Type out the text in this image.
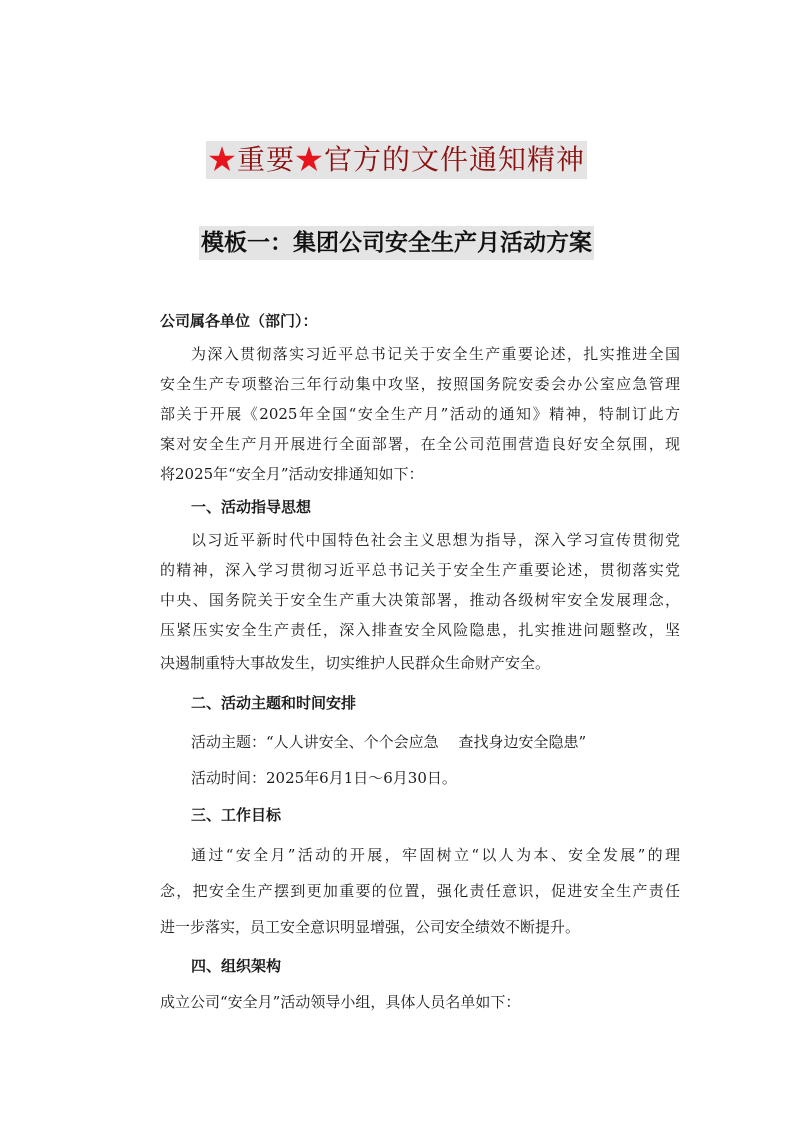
★重要★官方的文件通知精神
模板一：集团公司安全生产月活动方案
公司属各单位（部门）：
为深入贯彻落实习近平总书记关于安全生产重要论述，扎实推进全国
安全生产专项整治三年行动集中攻坚，按照国务院安委会办公室应急管理
部关于开展《2025年全国“安全生产月”活动的通知》精神，特制订此方
案对安全生产月开展进行全面部署，在全公司范围营造良好安全氛围，现
将2025年“安全月”活动安排通知如下：
一、活动指导思想
以习近平新时代中国特色社会主义思想为指导，深入学习宣传贯彻党
的精神，深入学习贯彻习近平总书记关于安全生产重要论述，贯彻落实党
中央、国务院关于安全生产重大决策部署，推动各级树牢安全发展理念，
压紧压实安全生产责任，深入排查安全风险隐患，扎实推进问题整改，坚
决遏制重特大事故发生，切实维护人民群众生命财产安全。
二、活动主题和时间安排
活动主题：“人人讲安全、个个会应急　 查找身边安全隐患”
活动时间：2025年6月1日～6月30日。
三、工作目标
通过“安全月”活动的开展，牢固树立“以人为本、安全发展”的理
念，把安全生产摆到更加重要的位置，强化责任意识，促进安全生产责任
进一步落实，员工安全意识明显增强，公司安全绩效不断提升。
四、组织架构
成立公司“安全月”活动领导小组，具体人员名单如下：
